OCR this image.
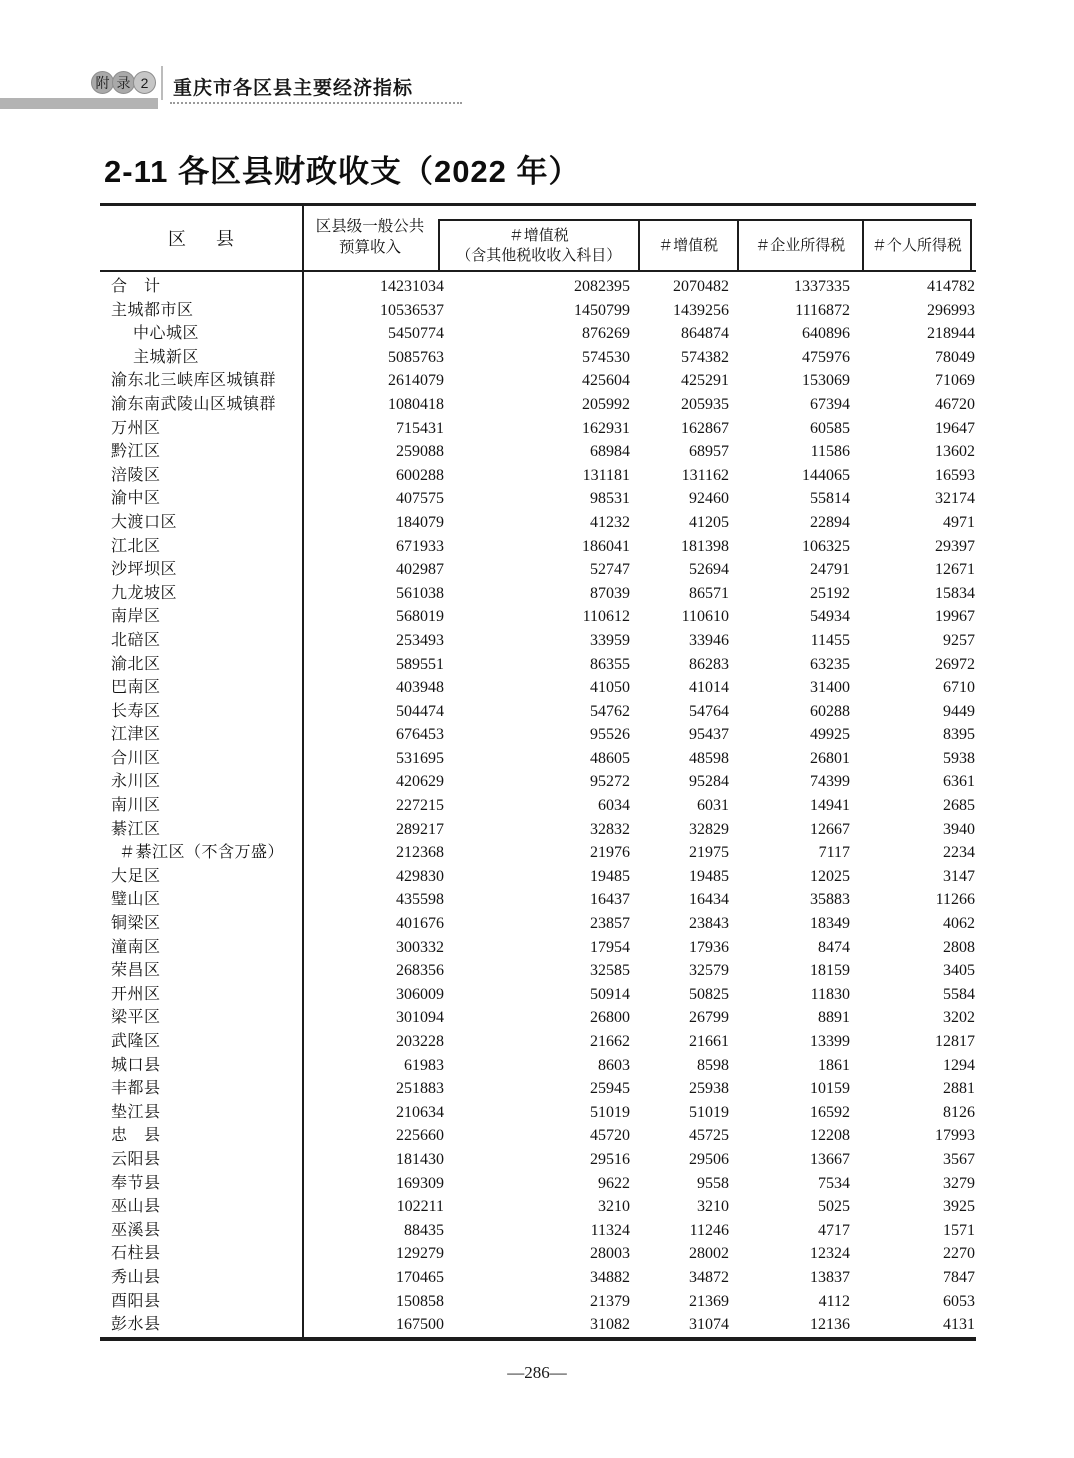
附 录 2	重庆市各区县主要经济指标
2-11 各区县财政收支（2022 年）
区　县
区县级一般公共
预算收入
＃增值税
（含其他税收收入科目）
＃增值税	＃企业所得税	＃个人所得税
合　计	14231034	2082395	2070482	1337335	414782
主城都市区	10536537	1450799	1439256	1116872	296993
中心城区	5450774	876269	864874	640896	218944
主城新区	5085763	574530	574382	475976	78049
渝东北三峡库区城镇群	2614079	425604	425291	153069	71069
渝东南武陵山区城镇群	1080418	205992	205935	67394	46720
万州区	715431	162931	162867	60585	19647
黔江区	259088	68984	68957	11586	13602
涪陵区	600288	131181	131162	144065	16593
渝中区	407575	98531	92460	55814	32174
大渡口区	184079	41232	41205	22894	4971
江北区	671933	186041	181398	106325	29397
沙坪坝区	402987	52747	52694	24791	12671
九龙坡区	561038	87039	86571	25192	15834
南岸区	568019	110612	110610	54934	19967
北碚区	253493	33959	33946	11455	9257
渝北区	589551	86355	86283	63235	26972
巴南区	403948	41050	41014	31400	6710
长寿区	504474	54762	54764	60288	9449
江津区	676453	95526	95437	49925	8395
合川区	531695	48605	48598	26801	5938
永川区	420629	95272	95284	74399	6361
南川区	227215	6034	6031	14941	2685
綦江区	289217	32832	32829	12667	3940
＃綦江区（不含万盛）	212368	21976	21975	7117	2234
大足区	429830	19485	19485	12025	3147
璧山区	435598	16437	16434	35883	11266
铜梁区	401676	23857	23843	18349	4062
潼南区	300332	17954	17936	8474	2808
荣昌区	268356	32585	32579	18159	3405
开州区	306009	50914	50825	11830	5584
梁平区	301094	26800	26799	8891	3202
武隆区	203228	21662	21661	13399	12817
城口县	61983	8603	8598	1861	1294
丰都县	251883	25945	25938	10159	2881
垫江县	210634	51019	51019	16592	8126
忠　县	225660	45720	45725	12208	17993
云阳县	181430	29516	29506	13667	3567
奉节县	169309	9622	9558	7534	3279
巫山县	102211	3210	3210	5025	3925
巫溪县	88435	11324	11246	4717	1571
石柱县	129279	28003	28002	12324	2270
秀山县	170465	34882	34872	13837	7847
酉阳县	150858	21379	21369	4112	6053
彭水县	167500	31082	31074	12136	4131
—286—
